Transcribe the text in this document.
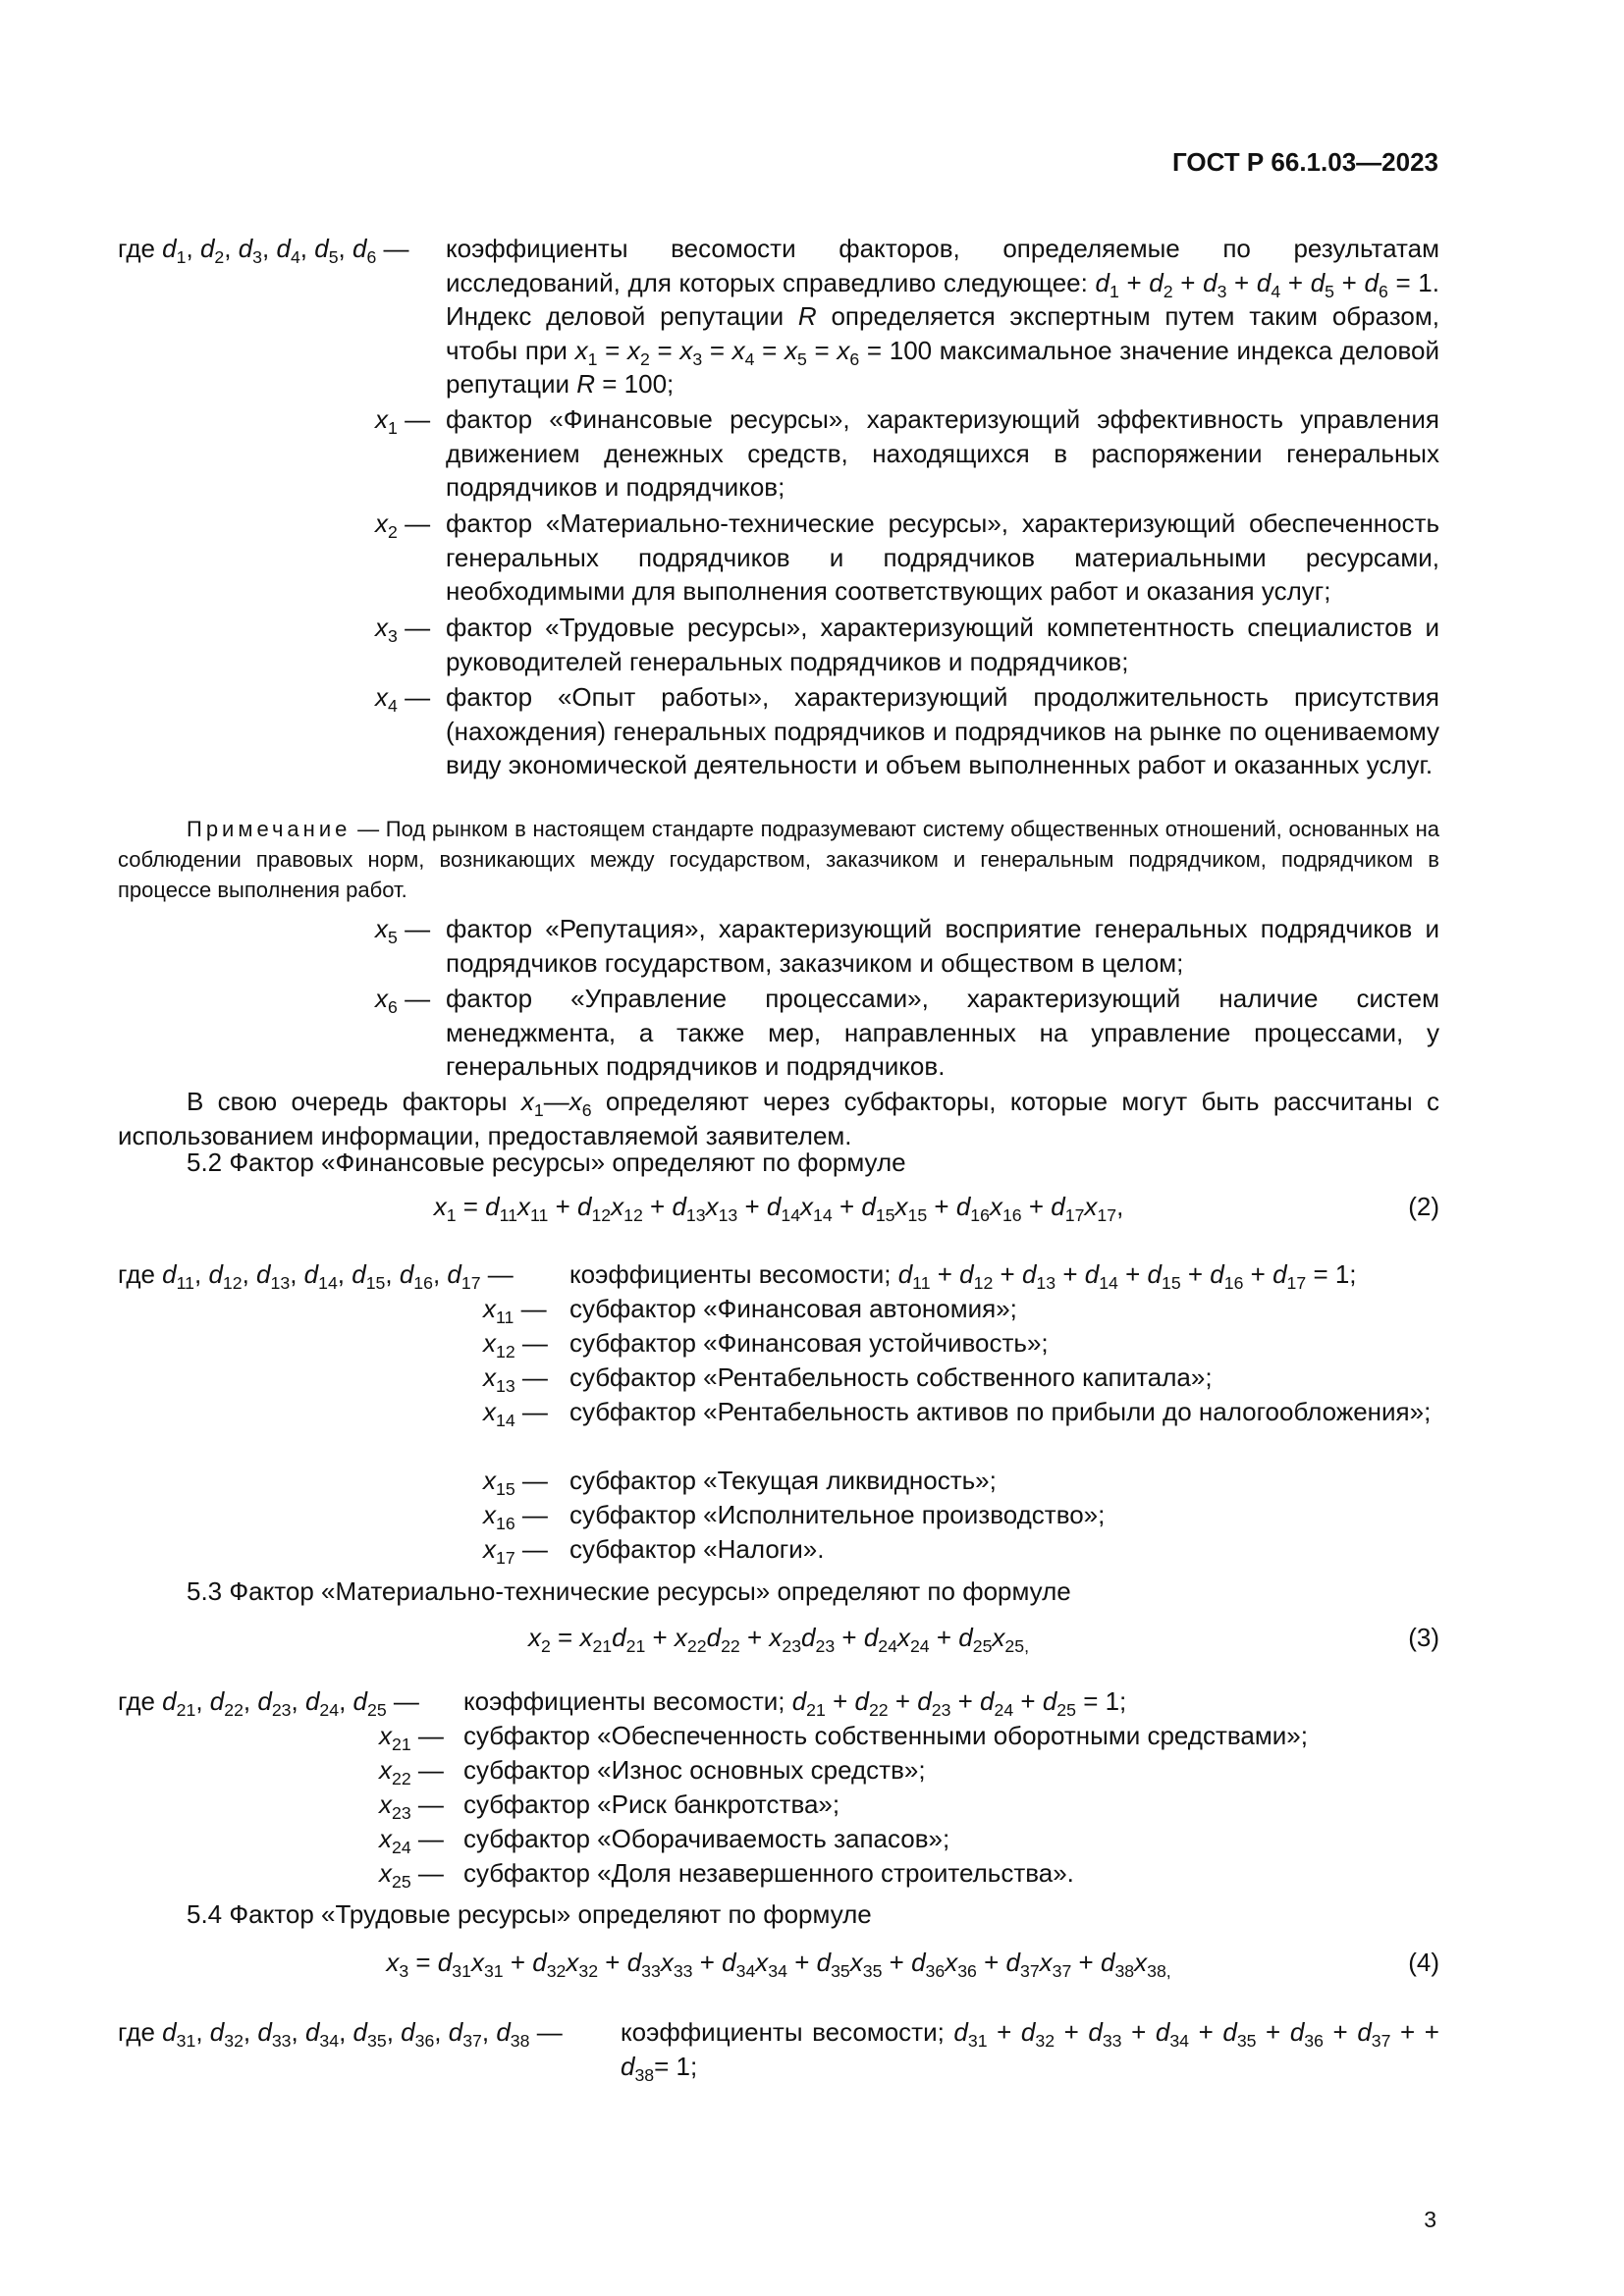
ГОСТ Р 66.1.03—2023
где $d_1$, $d_2$, $d_3$, $d_4$, $d_5$, $d_6$ —	коэффициенты весомости факторов, определяемые по результатам исследований, для которых справедливо следующее: $d_1 + d_2 + d_3 + d_4 + d_5 + d_6 = 1$. Индекс деловой репутации R определяется экспертным путем таким образом, чтобы при $x_1 = x_2 = x_3 = x_4 = x_5 = x_6 = 100$ максимальное значение индекса деловой репутации R = 100;
$x_1$ — фактор «Финансовые ресурсы», характеризующий эффективность управления движением денежных средств, находящихся в распоряжении генеральных подрядчиков и подрядчиков;
$x_2$ — фактор «Материально-технические ресурсы», характеризующий обеспеченность генеральных подрядчиков и подрядчиков материальными ресурсами, необходимыми для выполнения соответствующих работ и оказания услуг;
$x_3$ — фактор «Трудовые ресурсы», характеризующий компетентность специалистов и руководителей генеральных подрядчиков и подрядчиков;
$x_4$ — фактор «Опыт работы», характеризующий продолжительность присутствия (нахождения) генеральных подрядчиков и подрядчиков на рынке по оцениваемому виду экономической деятельности и объем выполненных работ и оказанных услуг.
Примечание — Под рынком в настоящем стандарте подразумевают систему общественных отношений, основанных на соблюдении правовых норм, возникающих между государством, заказчиком и генеральным подрядчиком, подрядчиком в процессе выполнения работ.
$x_5$ — фактор «Репутация», характеризующий восприятие генеральных подрядчиков и подрядчиков государством, заказчиком и обществом в целом;
$x_6$ — фактор «Управление процессами», характеризующий наличие систем менеджмента, а также мер, направленных на управление процессами, у генеральных подрядчиков и подрядчиков.
В свою очередь факторы $x_1—x_6$ определяют через субфакторы, которые могут быть рассчитаны с использованием информации, предоставляемой заявителем.
5.2 Фактор «Финансовые ресурсы» определяют по формуле
$x_1 = d_{11}x_{11} + d_{12}x_{12} + d_{13}x_{13} + d_{14}x_{14} + d_{15}x_{15} + d_{16}x_{16} + d_{17}x_{17}$,	(2)
где $d_{11}$, $d_{12}$, $d_{13}$, $d_{14}$, $d_{15}$, $d_{16}$, $d_{17}$ —	коэффициенты весомости; $d_{11} + d_{12} + d_{13} + d_{14} + d_{15} + d_{16} + d_{17} = 1$;
$x_{11}$ — субфактор «Финансовая автономия»;
$x_{12}$ — субфактор «Финансовая устойчивость»;
$x_{13}$ — субфактор «Рентабельность собственного капитала»;
$x_{14}$ — субфактор «Рентабельность активов по прибыли до налогообложения»;
$x_{15}$ — субфактор «Текущая ликвидность»;
$x_{16}$ — субфактор «Исполнительное производство»;
$x_{17}$ — субфактор «Налоги».
5.3 Фактор «Материально-технические ресурсы» определяют по формуле
$x_2 = x_{21}d_{21} + x_{22}d_{22} + x_{23}d_{23} + d_{24}x_{24} + d_{25}x_{25,}$	(3)
где $d_{21}$, $d_{22}$, $d_{23}$, $d_{24}$, $d_{25}$ —	коэффициенты весомости; $d_{21} + d_{22} + d_{23} + d_{24} + d_{25} = 1$;
$x_{21}$ — субфактор «Обеспеченность собственными оборотными средствами»;
$x_{22}$ — субфактор «Износ основных средств»;
$x_{23}$ — субфактор «Риск банкротства»;
$x_{24}$ — субфактор «Оборачиваемость запасов»;
$x_{25}$ — субфактор «Доля незавершенного строительства».
5.4 Фактор «Трудовые ресурсы» определяют по формуле
$x_3 = d_{31}x_{31} + d_{32}x_{32} + d_{33}x_{33} + d_{34}x_{34} + d_{35}x_{35} + d_{36}x_{36} + d_{37}x_{37} + d_{38}x_{38,}$	(4)
где $d_{31}$, $d_{32}$, $d_{33}$, $d_{34}$, $d_{35}$, $d_{36}$, $d_{37}$, $d_{38}$ —	коэффициенты весомости; $d_{31} + d_{32} + d_{33} + d_{34} + d_{35} + d_{36} + d_{37}$ + + $d_{38}= 1$;
3
